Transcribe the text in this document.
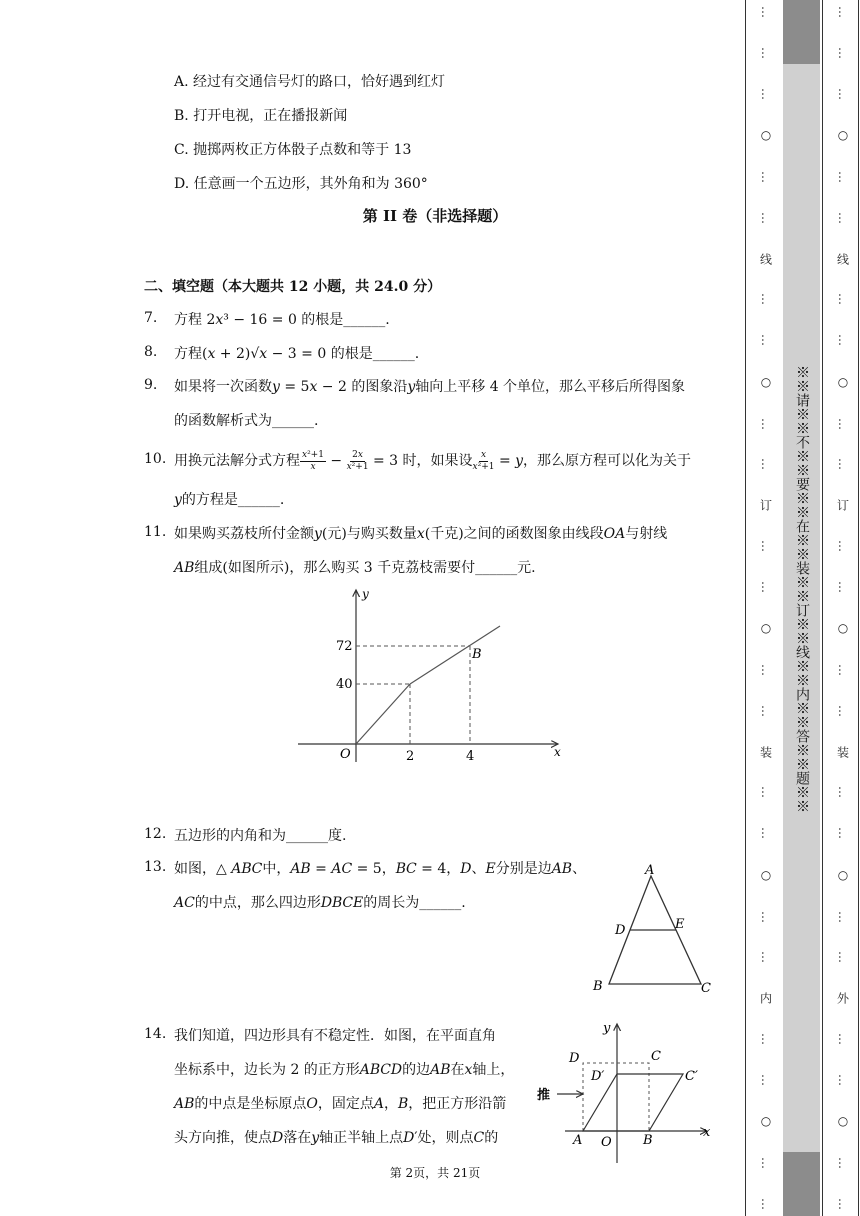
A. 经过有交通信号灯的路口，恰好遇到红灯
B. 打开电视，正在播报新闻
C. 抛掷两枚正方体骰子点数和等于 13
D. 任意画一个五边形，其外角和为 360°
第 II 卷（非选择题）
二、填空题（本大题共 12 小题，共 24.0 分）
7.	方程 2𝑥³ − 16 = 0 的根是______.
8.	方程(𝑥 + 2)√𝑥 − 3 = 0 的根是______.
9.	如果将一次函数𝑦 = 5𝑥 − 2 的图象沿𝑦轴向上平移 4 个单位，那么平移后所得图象
的函数解析式为______.
10. 用换元法解分式方程 𝑥²+1
𝑥 − 2𝑥
𝑥²+1 = 3 时，如果设 𝑥
𝑥²+1 = 𝑦，那么原方程可以化为关于
𝑦的方程是______.
11. 如果购买荔枝所付金额𝑦(元)与购买数量𝑥(千克)之间的函数图象由线段𝑂𝐴与射线
𝐴𝐵组成(如图所示)，那么购买 3 千克荔枝需要付______元.
y
x
O
72
40
2	4
B
12. 五边形的内角和为______度.
13. 如图，△ 𝐴𝐵𝐶中，𝐴𝐵 = 𝐴𝐶 = 5，𝐵𝐶 = 4，𝐷、𝐸分别是边𝐴𝐵、
𝐴𝐶的中点，那么四边形𝐷𝐵𝐶𝐸的周长为______.
A
B	C
D	E
14. 我们知道，四边形具有不稳定性．如图，在平面直角
坐标系中，边长为 2 的正方形𝐴𝐵𝐶𝐷的边𝐴𝐵在𝑥轴上，
𝐴𝐵的中点是坐标原点𝑂，固定点𝐴，𝐵，把正方形沿箭
头方向推，使点𝐷落在𝑦轴正半轴上点𝐷′处，则点𝐶的
y
x
D	C
D′	C′
推
A O B
第 2页，共 21页
…
…
…
○
…
…
线
…
…
○
…
…
订
…
…
○
…
…
装
…
…
○
…
…
内
…
…
○
…
…
※※请※※不※※要※※在※※装※※订※※线※※内※※答※※题※※
…
…
…
○
…
…
线
…
…
○
…
…
订
…
…
○
…
…
装
…
…
○
…
…
外
…
…
○
…
…
